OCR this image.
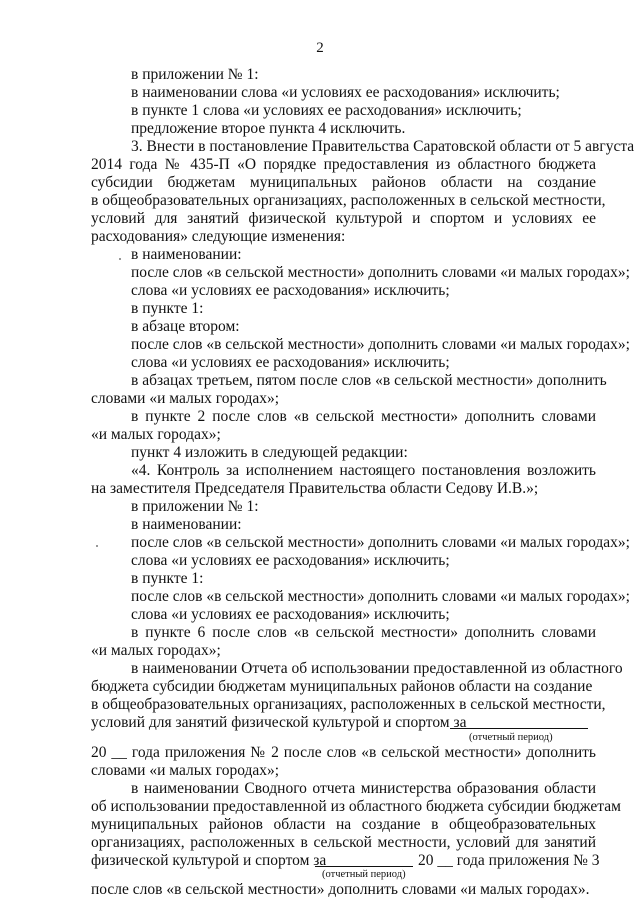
2
в приложении № 1:
в наименовании слова «и условиях ее расходования» исключить;
в пункте 1 слова «и условиях ее расходования» исключить;
предложение второе пункта 4 исключить.
3. Внести в постановление Правительства Саратовской области от 5 августа
2014 года № 435-П «О порядке предоставления из областного бюджета
субсидии бюджетам муниципальных районов области на создание
в общеобразовательных организациях, расположенных в сельской местности,
условий для занятий физической культурой и спортом и условиях ее
расходования» следующие изменения:
в наименовании:
после слов «в сельской местности» дополнить словами «и малых городах»;
слова «и условиях ее расходования» исключить;
в пункте 1:
в абзаце втором:
после слов «в сельской местности» дополнить словами «и малых городах»;
слова «и условиях ее расходования» исключить;
в абзацах третьем, пятом после слов «в сельской местности» дополнить
словами «и малых городах»;
в пункте 2 после слов «в сельской местности» дополнить словами
«и малых городах»;
пункт 4 изложить в следующей редакции:
«4. Контроль за исполнением настоящего постановления возложить
на заместителя Председателя Правительства области Седову И.В.»;
в приложении № 1:
в наименовании:
после слов «в сельской местности» дополнить словами «и малых городах»;
слова «и условиях ее расходования» исключить;
в пункте 1:
после слов «в сельской местности» дополнить словами «и малых городах»;
слова «и условиях ее расходования» исключить;
в пункте 6 после слов «в сельской местности» дополнить словами
«и малых городах»;
в наименовании Отчета об использовании предоставленной из областного
бюджета субсидии бюджетам муниципальных районов области на создание
в общеобразовательных организациях, расположенных в сельской местности,
условий для занятий физической культурой и спортом за
(отчетный период)
20 __ года приложения № 2 после слов «в сельской местности» дополнить
словами «и малых городах»;
в наименовании Сводного отчета министерства образования области
об использовании предоставленной из областного бюджета субсидии бюджетам
муниципальных районов области на создание в общеобразовательных
организациях, расположенных в сельской местности, условий для занятий
физической культурой и спортом за	20 __ года приложения № 3
(отчетный период)
после слов «в сельской местности» дополнить словами «и малых городах».
